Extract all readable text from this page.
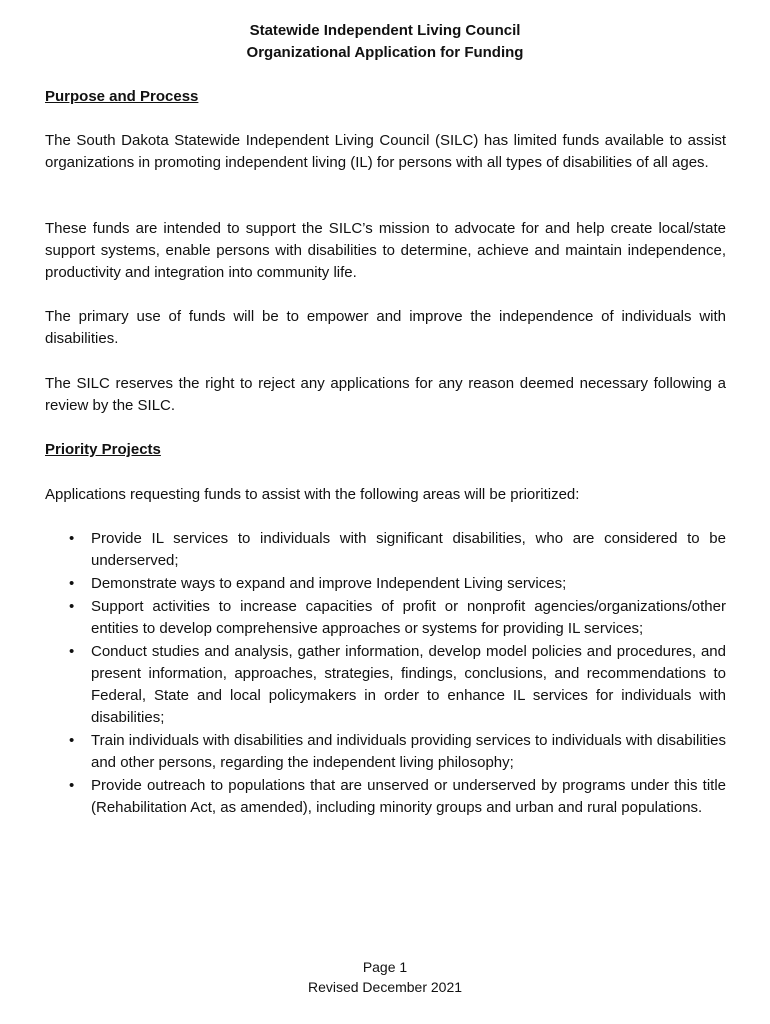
Statewide Independent Living Council
Organizational Application for Funding
Purpose and Process

The South Dakota Statewide Independent Living Council (SILC) has limited funds available to assist organizations in promoting independent living (IL) for persons with all types of disabilities of all ages.

These funds are intended to support the SILC’s mission to advocate for and help create local/state support systems, enable persons with disabilities to determine, achieve and maintain independence, productivity and integration into community life.

The primary use of funds will be to empower and improve the independence of individuals with disabilities.

The SILC reserves the right to reject any applications for any reason deemed necessary following a review by the SILC.

Priority Projects

Applications requesting funds to assist with the following areas will be prioritized:

• Provide IL services to individuals with significant disabilities, who are considered to be underserved;
• Demonstrate ways to expand and improve Independent Living services;
• Support activities to increase capacities of profit or nonprofit agencies/organizations/other entities to develop comprehensive approaches or systems for providing IL services;
• Conduct studies and analysis, gather information, develop model policies and procedures, and present information, approaches, strategies, findings, conclusions, and recommendations to Federal, State and local policymakers in order to enhance IL services for individuals with disabilities;
• Train individuals with disabilities and individuals providing services to individuals with disabilities and other persons, regarding the independent living philosophy;
• Provide outreach to populations that are unserved or underserved by programs under this title (Rehabilitation Act, as amended), including minority groups and urban and rural populations.
Page 1
Revised December 2021
